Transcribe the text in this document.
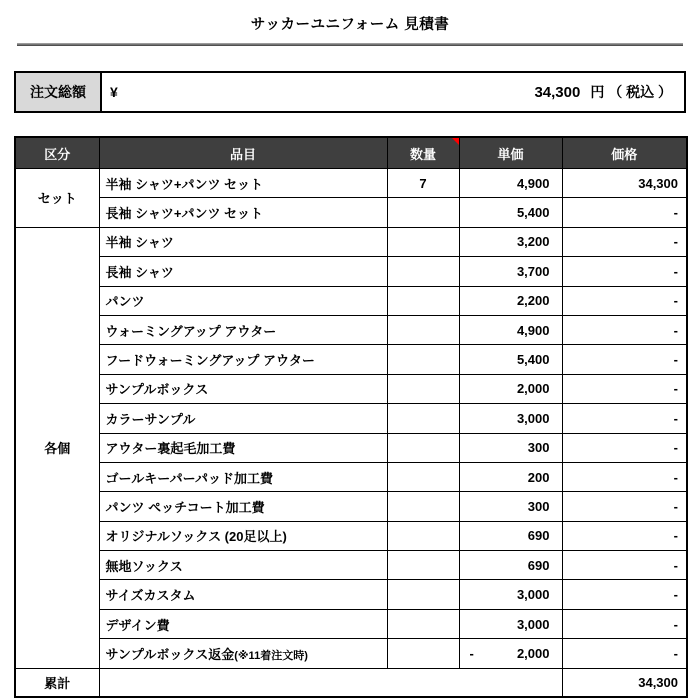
サッカーユニフォーム 見積書
注文総額	¥	34,300 円 （ 税込 ）
区分	品目	数量	単価	価格
セット	半袖 シャツ+パンツ セット	7	4,900	34,300
	長袖 シャツ+パンツ セット		5,400	-
各個	半袖 シャツ		3,200	-
	長袖 シャツ		3,700	-
	パンツ		2,200	-
	ウォーミングアップ アウター		4,900	-
	フードウォーミングアップ アウター		5,400	-
	サンプルボックス		2,000	-
	カラーサンプル		3,000	-
	アウター裏起毛加工費		300	-
	ゴールキーパーパッド加工費		200	-
	パンツ ペッチコート加工費		300	-
	オリジナルソックス (20足以上)		690	-
	無地ソックス		690	-
	サイズカスタム		3,000	-
	デザイン費		3,000	-
	サンプルボックス返金(※11着注文時)		- 2,000	-
累計				34,300
